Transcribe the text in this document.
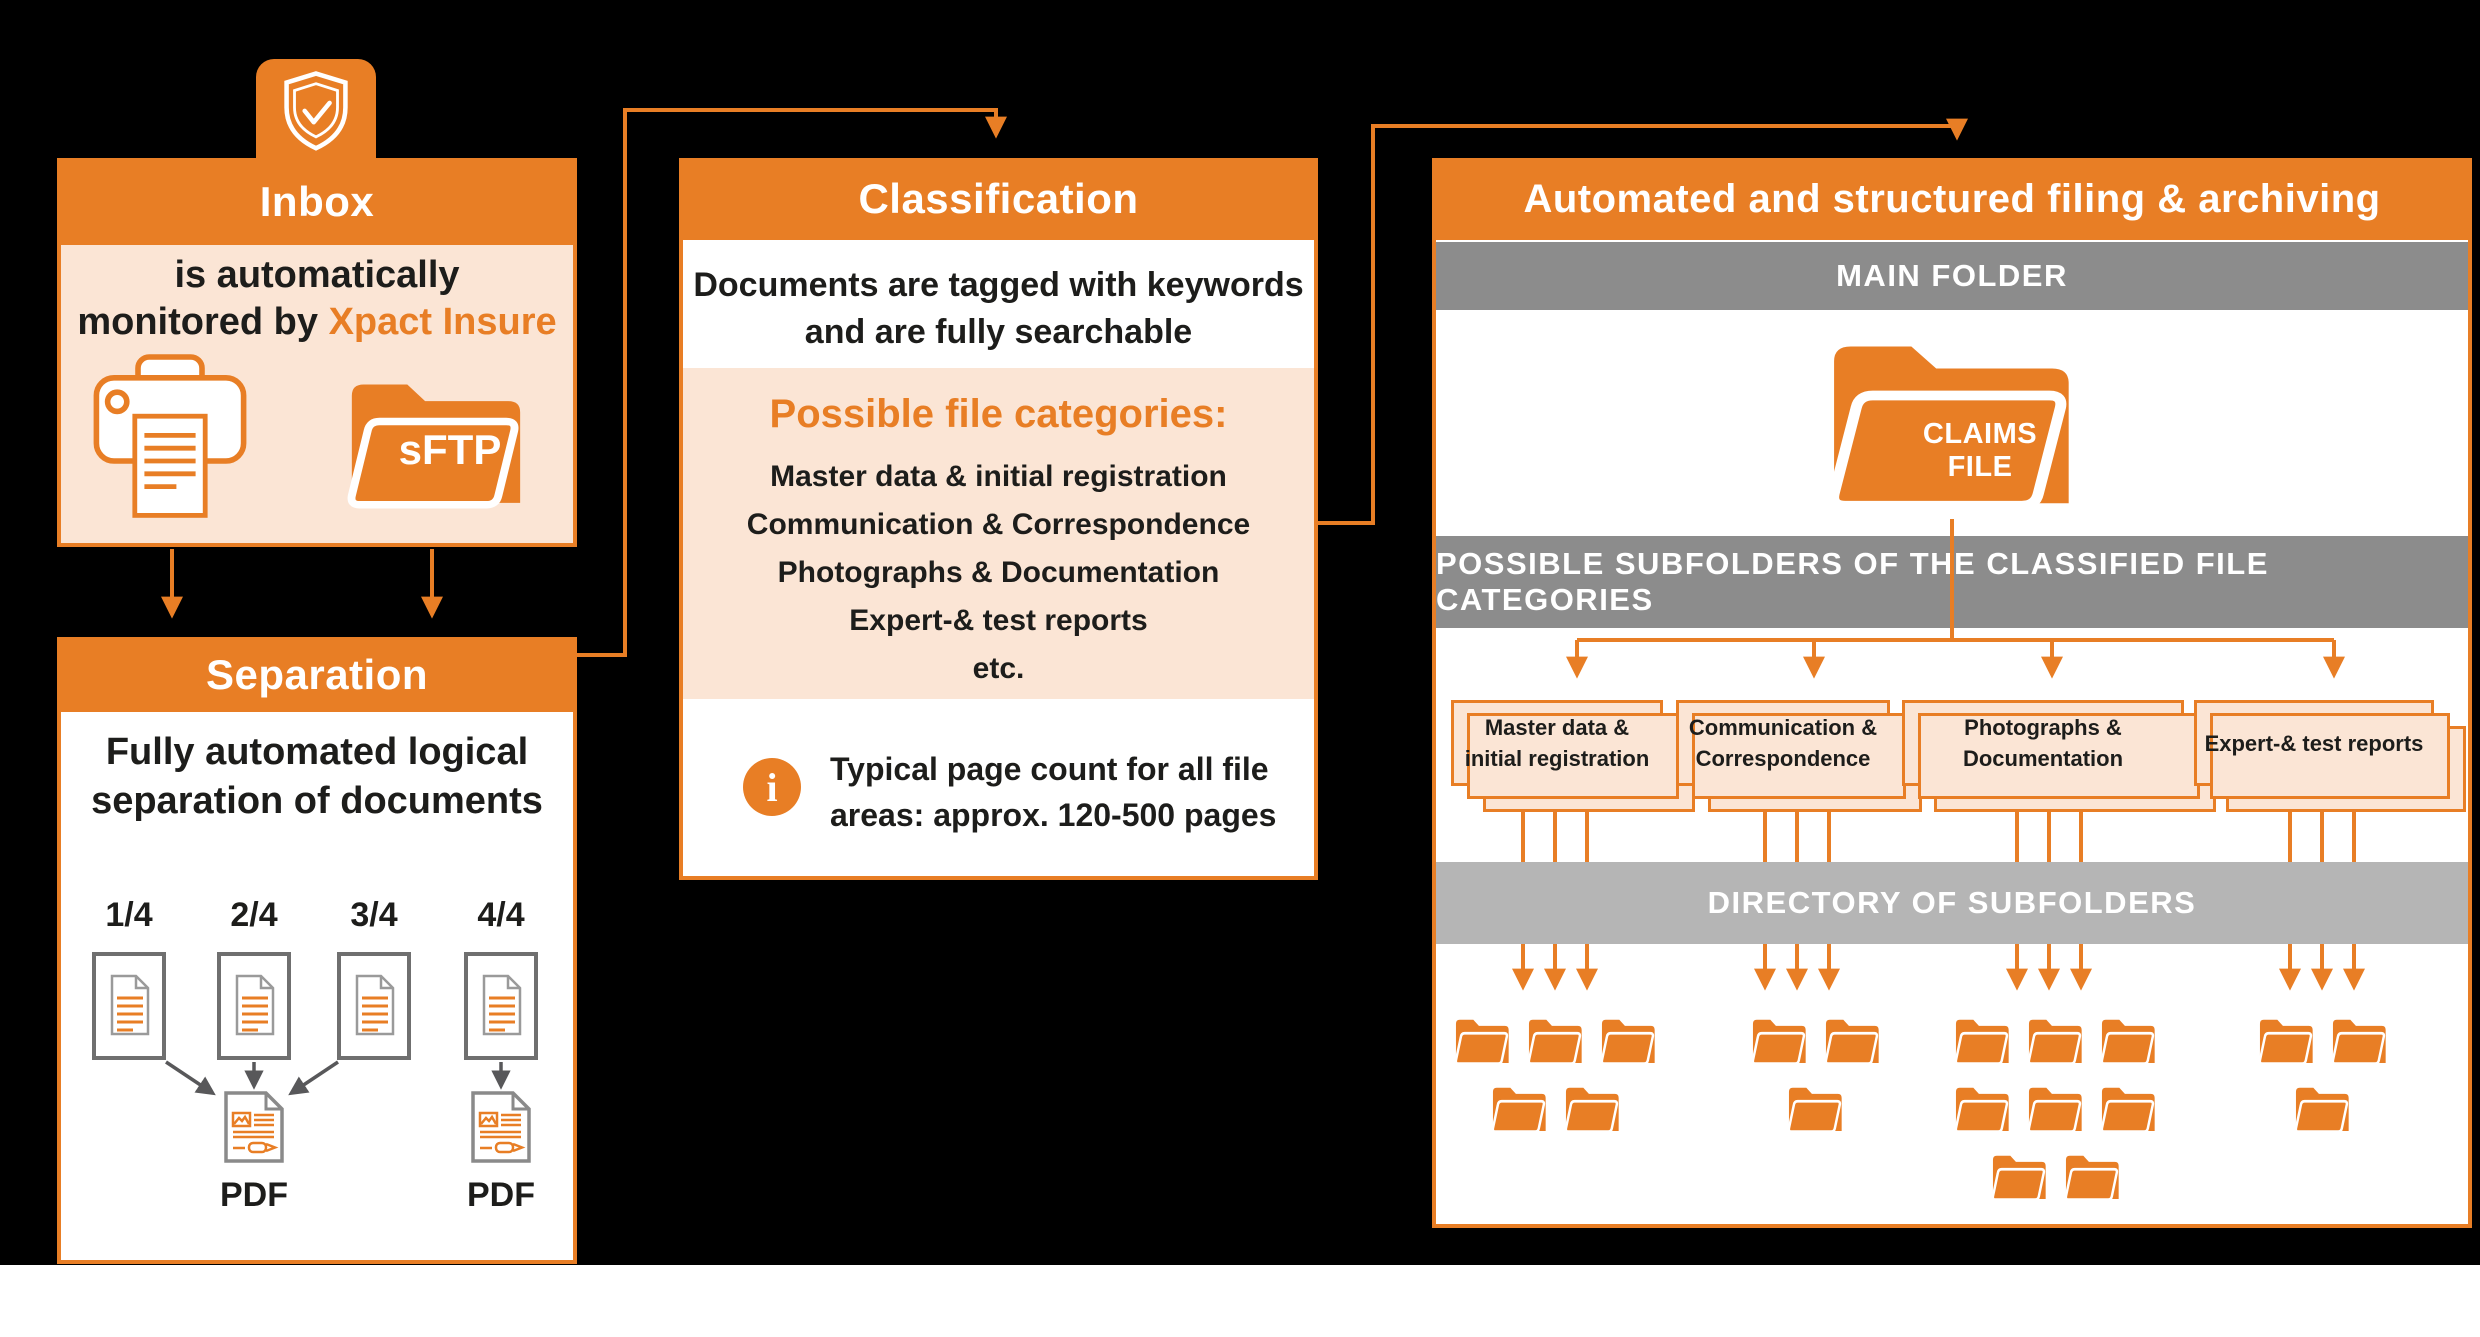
Inbox
is automatically
monitored by Xpact Insure
sFTP
Separation
Fully automated logical
separation of documents
1/4	2/4	3/4	4/4
PDF	PDF
Classification
Documents are tagged with keywords
and are fully searchable
Possible file categories:
Master data & initial registration
Communication & Correspondence
Photographs & Documentation
Expert-& test reports
etc.
i Typical page count for all file
areas: approx. 120-500 pages
Automated and structured filing & archiving
MAIN FOLDER
CLAIMS FILE
POSSIBLE SUBFOLDERS OF THE CLASSIFIED FILE CATEGORIES
Master data &
initial registration
Communication &
Correspondence
Photographs &
Documentation
Expert-& test reports
DIRECTORY OF SUBFOLDERS
